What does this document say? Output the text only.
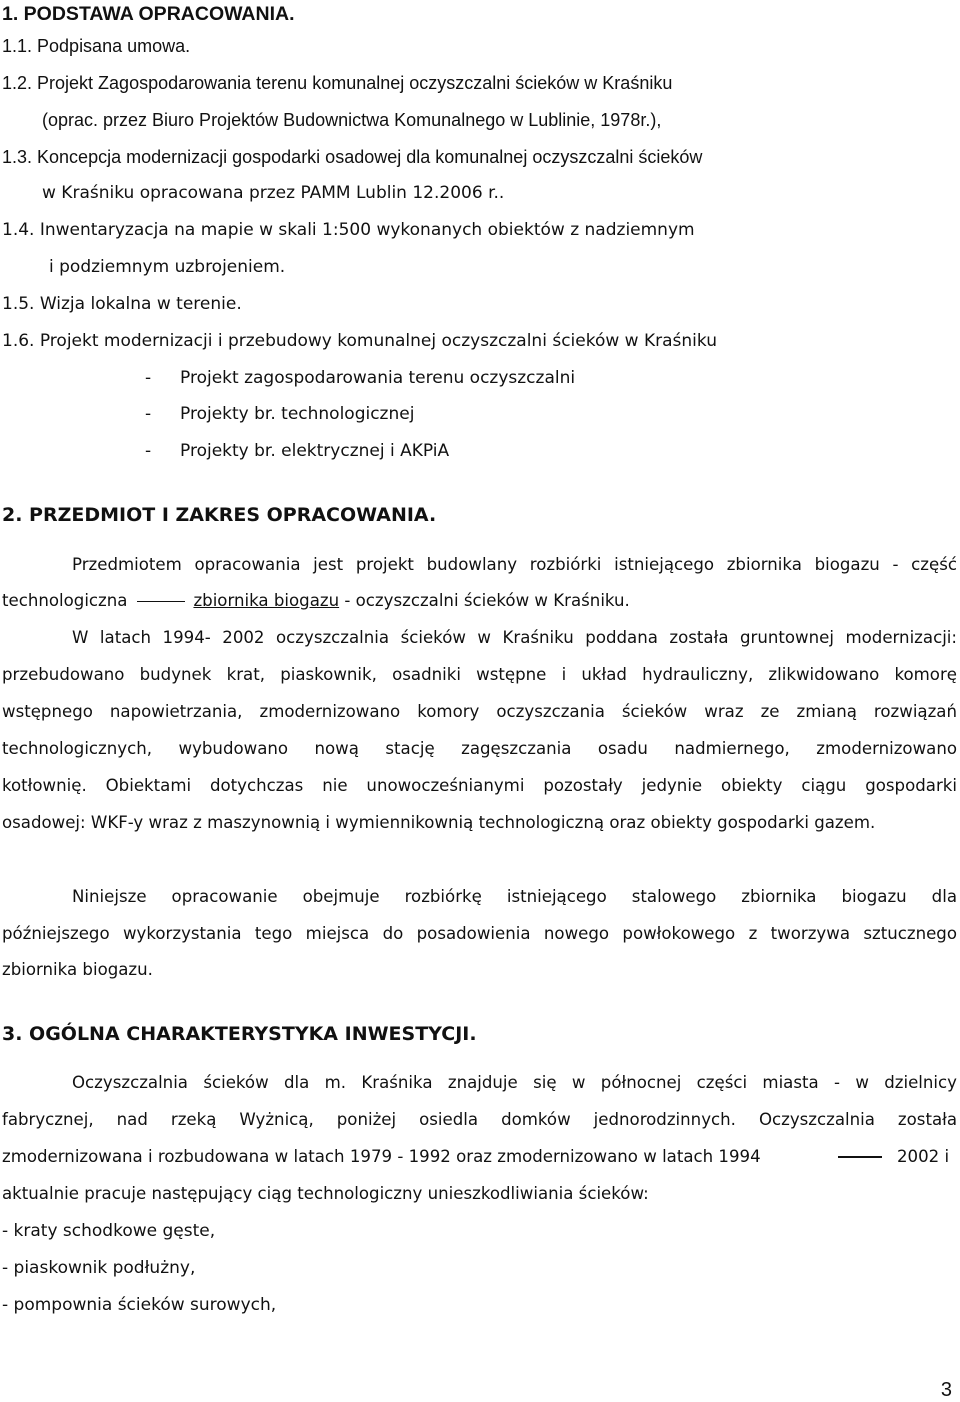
1. PODSTAWA OPRACOWANIA.
1.1. Podpisana umowa.
1.2. Projekt Zagospodarowania terenu komunalnej oczyszczalni ścieków w Kraśniku
(oprac. przez Biuro Projektów Budownictwa Komunalnego w Lublinie, 1978r.),
1.3. Koncepcja modernizacji gospodarki osadowej dla komunalnej oczyszczalni ścieków
w Kraśniku opracowana przez PAMM Lublin 12.2006 r..
1.4. Inwentaryzacja na mapie w skali 1:500 wykonanych obiektów z nadziemnym
i podziemnym uzbrojeniem.
1.5. Wizja lokalna w terenie.
1.6. Projekt modernizacji i przebudowy komunalnej oczyszczalni ścieków w Kraśniku
- Projekt zagospodarowania terenu oczyszczalni
- Projekty br. technologicznej
- Projekty br. elektrycznej i AKPiA
2. PRZEDMIOT I ZAKRES OPRACOWANIA.
Przedmiotem opracowania jest projekt budowlany rozbiórki istniejącego zbiornika biogazu - część
technologiczna	zbiornika biogazu - oczyszczalni ścieków w Kraśniku.
W latach 1994- 2002 oczyszczalnia ścieków w Kraśniku poddana została gruntownej modernizacji:
przebudowano budynek krat, piaskownik, osadniki wstępne i układ hydrauliczny, zlikwidowano komorę
wstępnego napowietrzania, zmodernizowano komory oczyszczania ścieków wraz ze zmianą rozwiązań
technologicznych, wybudowano nową stację zagęszczania osadu nadmiernego, zmodernizowano
kotłownię. Obiektami dotychczas nie unowocześnianymi pozostały jedynie obiekty ciągu gospodarki
osadowej: WKF-y wraz z maszynownią i wymiennikownią technologiczną oraz obiekty gospodarki gazem.
Niniejsze opracowanie obejmuje rozbiórkę istniejącego stalowego zbiornika biogazu dla
późniejszego wykorzystania tego miejsca do posadowienia nowego powłokowego z tworzywa sztucznego
zbiornika biogazu.
3. OGÓLNA CHARAKTERYSTYKA INWESTYCJI.
Oczyszczalnia ścieków dla m. Kraśnika znajduje się w północnej części miasta - w dzielnicy
fabrycznej, nad rzeką Wyżnicą, poniżej osiedla domków jednorodzinnych. Oczyszczalnia została
zmodernizowana i rozbudowana w latach 1979 - 1992 oraz zmodernizowano w latach 1994	2002 i
aktualnie pracuje następujący ciąg technologiczny unieszkodliwiania ścieków:
- kraty schodkowe gęste,
- piaskownik podłużny,
- pompownia ścieków surowych,
3
